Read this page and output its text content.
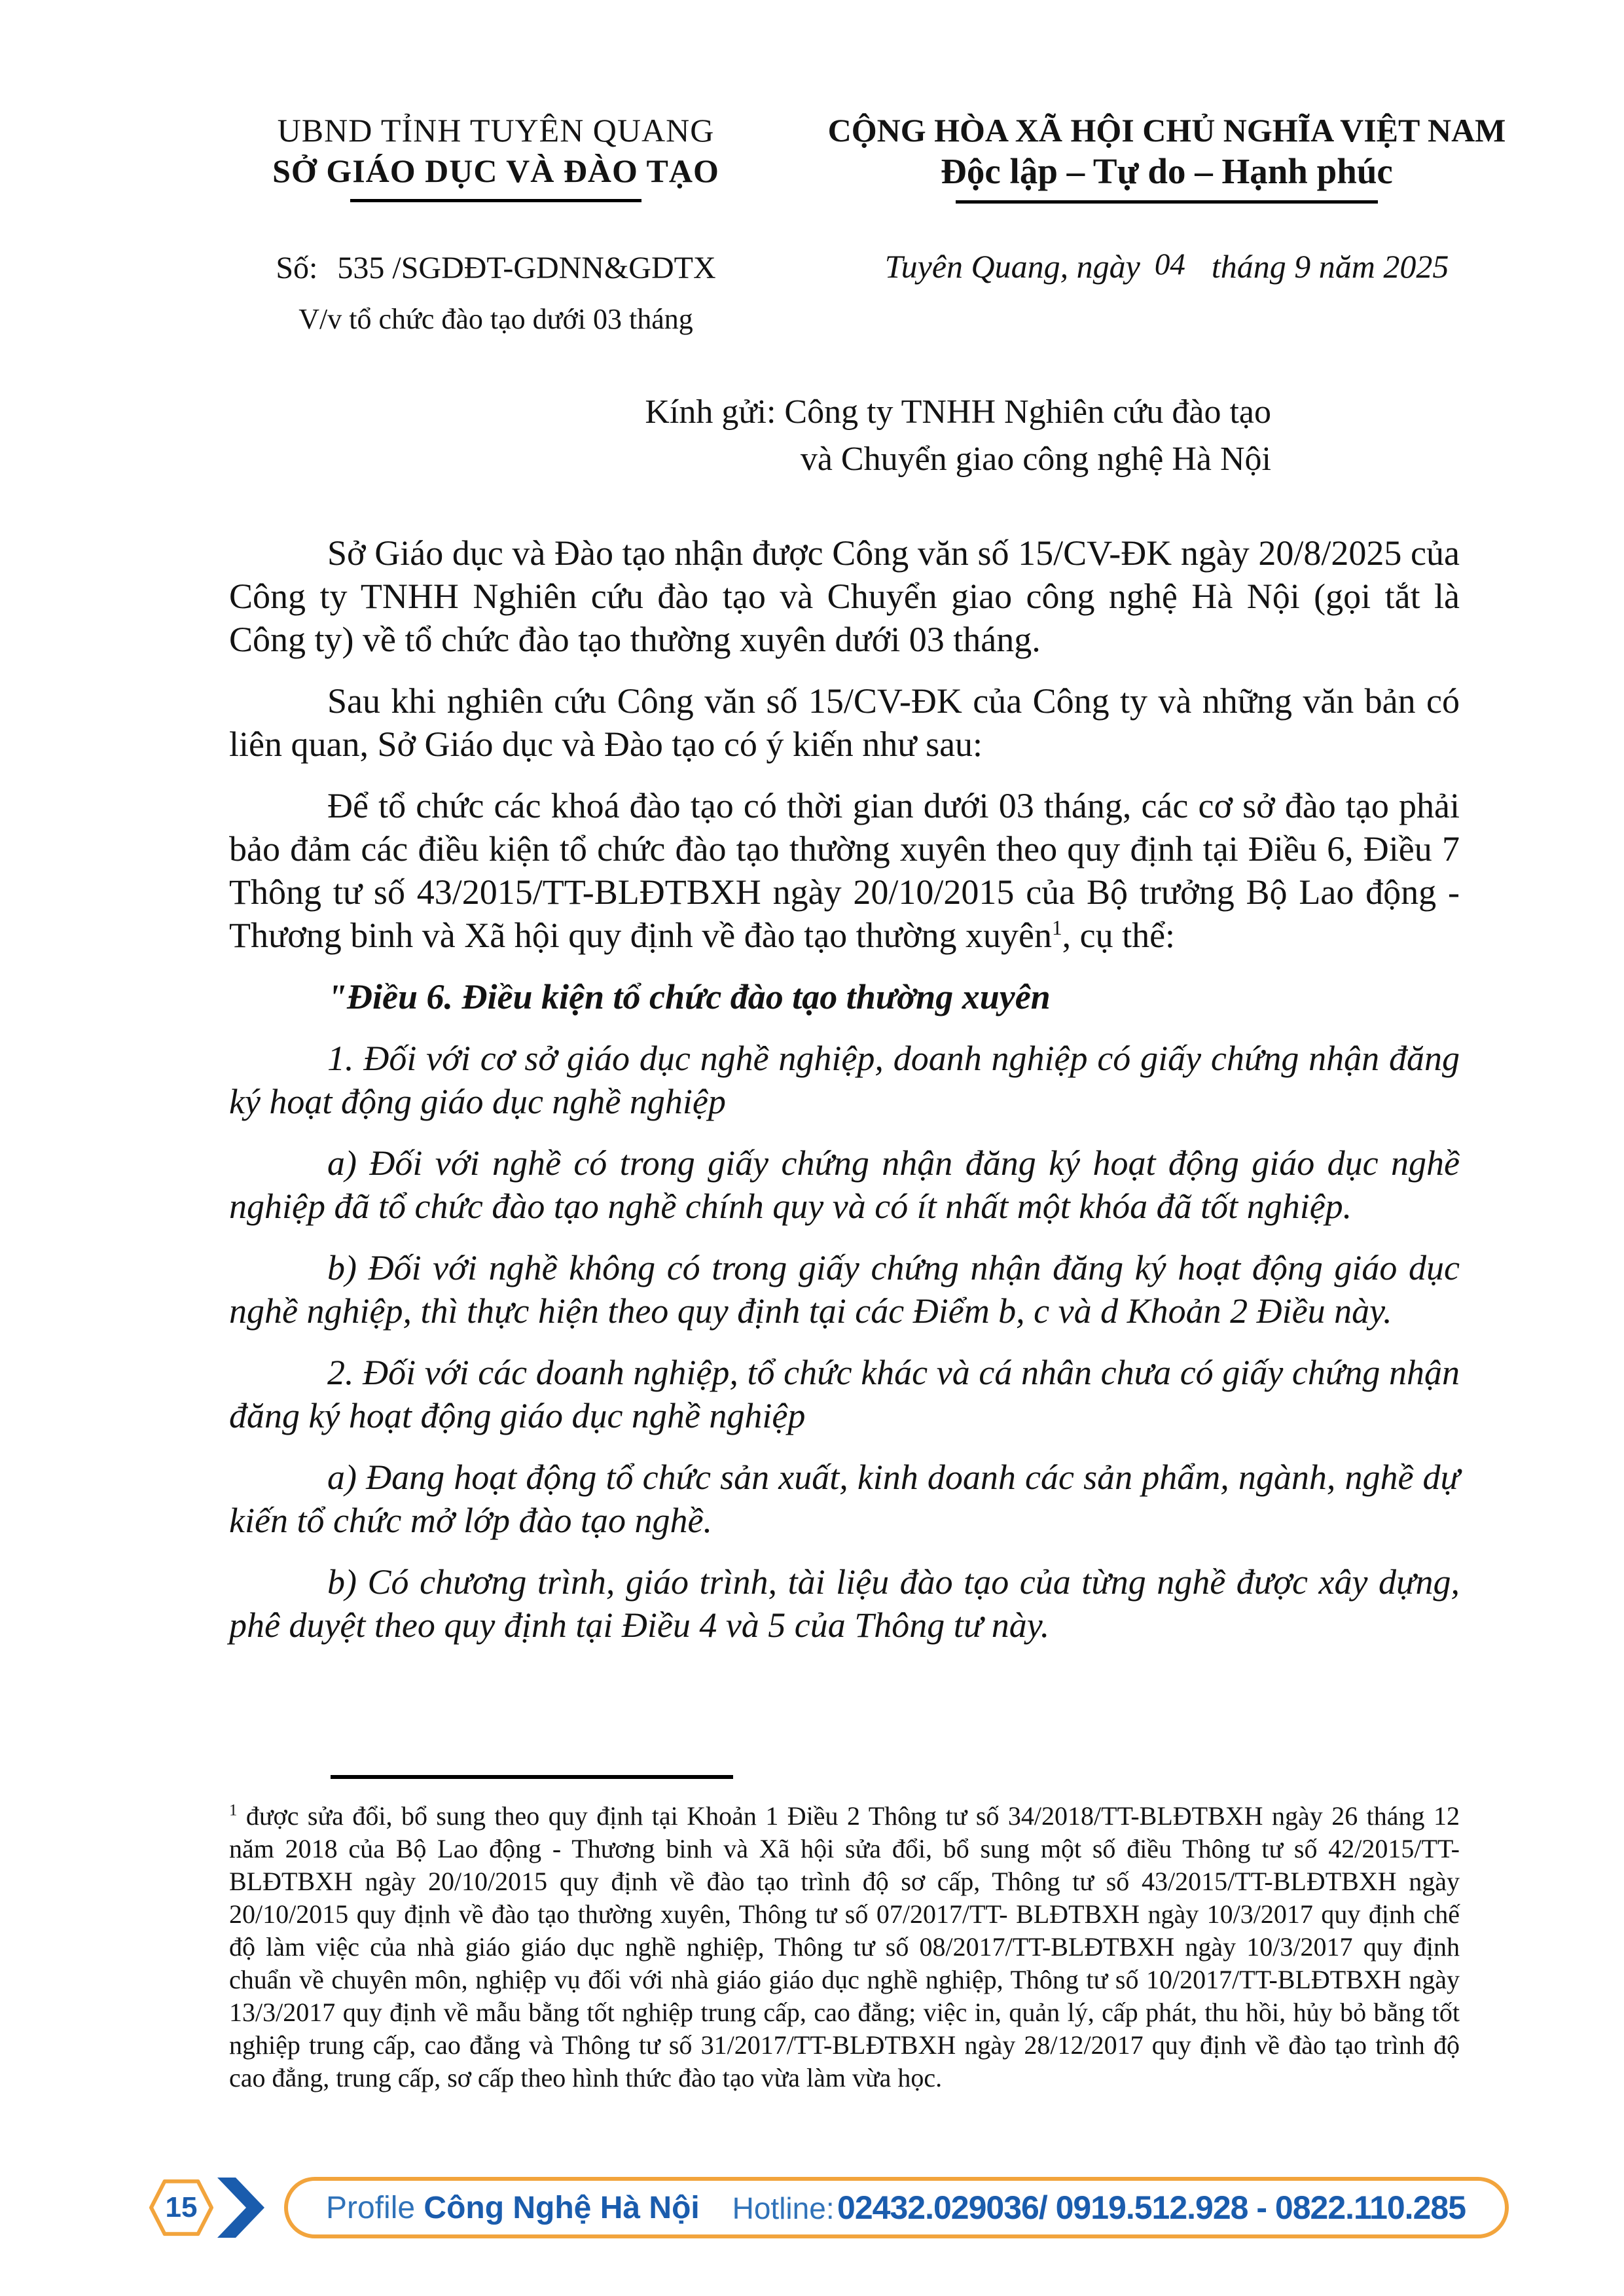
UBND TỈNH TUYÊN QUANG
SỞ GIÁO DỤC VÀ ĐÀO TẠO
Số: 535 /SGDĐT-GDNN&GDTX
V/v tổ chức đào tạo dưới 03 tháng
CỘNG HÒA XÃ HỘI CHỦ NGHĨA VIỆT NAM
Độc lập – Tự do – Hạnh phúc
Tuyên Quang, ngày 04 tháng 9 năm 2025
Kính gửi: Công ty TNHH Nghiên cứu đào tạo
và Chuyển giao công nghệ Hà Nội

Sở Giáo dục và Đào tạo nhận được Công văn số 15/CV-ĐK ngày 20/8/2025 của Công ty TNHH Nghiên cứu đào tạo và Chuyển giao công nghệ Hà Nội (gọi tắt là Công ty) về tổ chức đào tạo thường xuyên dưới 03 tháng.

Sau khi nghiên cứu Công văn số 15/CV-ĐK của Công ty và những văn bản có liên quan, Sở Giáo dục và Đào tạo có ý kiến như sau:

Để tổ chức các khoá đào tạo có thời gian dưới 03 tháng, các cơ sở đào tạo phải bảo đảm các điều kiện tổ chức đào tạo thường xuyên theo quy định tại Điều 6, Điều 7 Thông tư số 43/2015/TT-BLĐTBXH ngày 20/10/2015 của Bộ trưởng Bộ Lao động - Thương binh và Xã hội quy định về đào tạo thường xuyên$^1$, cụ thể:

"Điều 6. Điều kiện tổ chức đào tạo thường xuyên

1. Đối với cơ sở giáo dục nghề nghiệp, doanh nghiệp có giấy chứng nhận đăng ký hoạt động giáo dục nghề nghiệp

a) Đối với nghề có trong giấy chứng nhận đăng ký hoạt động giáo dục nghề nghiệp đã tổ chức đào tạo nghề chính quy và có ít nhất một khóa đã tốt nghiệp.

b) Đối với nghề không có trong giấy chứng nhận đăng ký hoạt động giáo dục nghề nghiệp, thì thực hiện theo quy định tại các Điểm b, c và d Khoản 2 Điều này.

2. Đối với các doanh nghiệp, tổ chức khác và cá nhân chưa có giấy chứng nhận đăng ký hoạt động giáo dục nghề nghiệp

a) Đang hoạt động tổ chức sản xuất, kinh doanh các sản phẩm, ngành, nghề dự kiến tổ chức mở lớp đào tạo nghề.

b) Có chương trình, giáo trình, tài liệu đào tạo của từng nghề được xây dựng, phê duyệt theo quy định tại Điều 4 và 5 của Thông tư này.

$^1$ được sửa đổi, bổ sung theo quy định tại Khoản 1 Điều 2 Thông tư số 34/2018/TT-BLĐTBXH ngày 26 tháng 12 năm 2018 của Bộ Lao động - Thương binh và Xã hội sửa đổi, bổ sung một số điều Thông tư số 42/2015/TT-BLĐTBXH ngày 20/10/2015 quy định về đào tạo trình độ sơ cấp, Thông tư số 43/2015/TT-BLĐTBXH ngày 20/10/2015 quy định về đào tạo thường xuyên, Thông tư số 07/2017/TT- BLĐTBXH ngày 10/3/2017 quy định chế độ làm việc của nhà giáo giáo dục nghề nghiệp, Thông tư số 08/2017/TT-BLĐTBXH ngày 10/3/2017 quy định chuẩn về chuyên môn, nghiệp vụ đối với nhà giáo giáo dục nghề nghiệp, Thông tư số 10/2017/TT-BLĐTBXH ngày 13/3/2017 quy định về mẫu bằng tốt nghiệp trung cấp, cao đẳng; việc in, quản lý, cấp phát, thu hồi, hủy bỏ bằng tốt nghiệp trung cấp, cao đẳng và Thông tư số 31/2017/TT-BLĐTBXH ngày 28/12/2017 quy định về đào tạo trình độ cao đẳng, trung cấp, sơ cấp theo hình thức đào tạo vừa làm vừa học.

15	Profile Công Nghệ Hà Nội Hotline: 02432.029036/ 0919.512.928 - 0822.110.285
